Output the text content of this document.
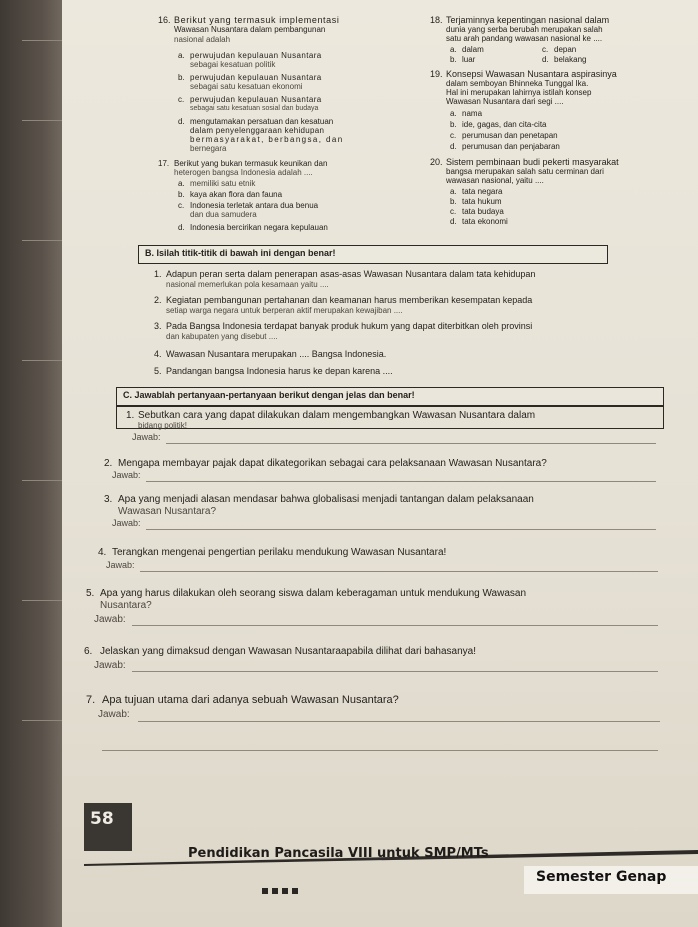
16. Berikut yang termasuk implementasi
Wawasan Nusantara dalam pembangunan
nasional adalah
a. perwujudan kepulauan Nusantara
sebagai kesatuan politik
b. perwujudan kepulauan Nusantara
sebagai satu kesatuan ekonomi
c. perwujudan kepulauan Nusantara
sebagai satu kesatuan sosial dan budaya
d. mengutamakan persatuan dan kesatuan
dalam penyelenggaraan kehidupan
bermasyarakat, berbangsa, dan
bernegara
17. Berikut yang bukan termasuk keunikan dan
heterogen bangsa Indonesia adalah ....
a. memiliki satu etnik
b. kaya akan flora dan fauna
c. Indonesia terletak antara dua benua
dan dua samudera
d. Indonesia bercirikan negara kepulauan
18. Terjaminnya kepentingan nasional dalam
dunia yang serba berubah merupakan salah
satu arah pandang wawasan nasional ke ....
a. dalam
b. luar
c. depan
d. belakang
19. Konsepsi Wawasan Nusantara aspirasinya
dalam semboyan Bhinneka Tunggal Ika.
Hal ini merupakan lahirnya istilah konsep
Wawasan Nusantara dari segi ....
a. nama
b. ide, gagas, dan cita-cita
c. perumusan dan penetapan
d. perumusan dan penjabaran
20. Sistem pembinaan budi pekerti masyarakat
bangsa merupakan salah satu cerminan dari
wawasan nasional, yaitu ....
a. tata negara
b. tata hukum
c. tata budaya
d. tata ekonomi
B. Isilah titik-titik di bawah ini dengan benar!
1. Adapun peran serta dalam penerapan asas-asas Wawasan Nusantara dalam tata kehidupan
nasional memerlukan pola kesamaan yaitu ....
2. Kegiatan pembangunan pertahanan dan keamanan harus memberikan kesempatan kepada
setiap warga negara untuk berperan aktif merupakan kewajiban ....
3. Pada Bangsa Indonesia terdapat banyak produk hukum yang dapat diterbitkan oleh provinsi
dan kabupaten yang disebut ....
4. Wawasan Nusantara merupakan .... Bangsa Indonesia.
5. Pandangan bangsa Indonesia harus ke depan karena ....
C. Jawablah pertanyaan-pertanyaan berikut dengan jelas dan benar!
1. Sebutkan cara yang dapat dilakukan dalam mengembangkan Wawasan Nusantara dalam
bidang politik!
Jawab:
2. Mengapa membayar pajak dapat dikategorikan sebagai cara pelaksanaan Wawasan Nusantara?
Jawab:
3. Apa yang menjadi alasan mendasar bahwa globalisasi menjadi tantangan dalam pelaksanaan
Wawasan Nusantara?
Jawab:
4. Terangkan mengenai pengertian perilaku mendukung Wawasan Nusantara!
Jawab:
5. Apa yang harus dilakukan oleh seorang siswa dalam keberagaman untuk mendukung Wawasan
Nusantara?
Jawab:
6. Jelaskan yang dimaksud dengan Wawasan Nusantaraapabila dilihat dari bahasanya!
Jawab:
7. Apa tujuan utama dari adanya sebuah Wawasan Nusantara?
Jawab:
58
Pendidikan Pancasila VIII untuk SMP/MTs
Semester Genap
